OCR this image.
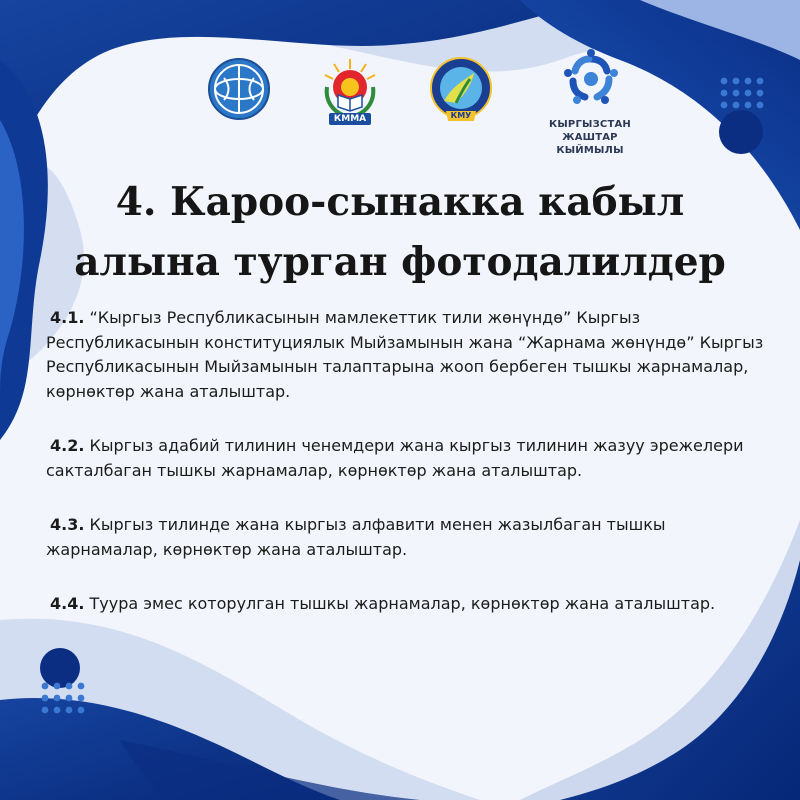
КММА	КМУ
КЫРГЫЗСТАН ЖАШТАР
КЫЙМЫЛЫ
4. Кароо-сынакка кабыл
алына турган фотодалилдер

4.1. “Кыргыз Республикасынын мамлекеттик тили жөнүндө” Кыргыз Республикасынын конституциялык Мыйзамынын жана “Жарнама жөнүндө” Кыргыз Республикасынын Мыйзамынын талаптарына жооп бербеген тышкы жарнамалар, көрнөктөр жана аталыштар.

4.2. Кыргыз адабий тилинин ченемдери жана кыргыз тилинин жазуу эрежелери сакталбаган тышкы жарнамалар, көрнөктөр жана аталыштар.

4.3. Кыргыз тилинде жана кыргыз алфавити менен жазылбаган тышкы жарнамалар, көрнөктөр жана аталыштар.

4.4. Туура эмес которулган тышкы жарнамалар, көрнөктөр жана аталыштар.
